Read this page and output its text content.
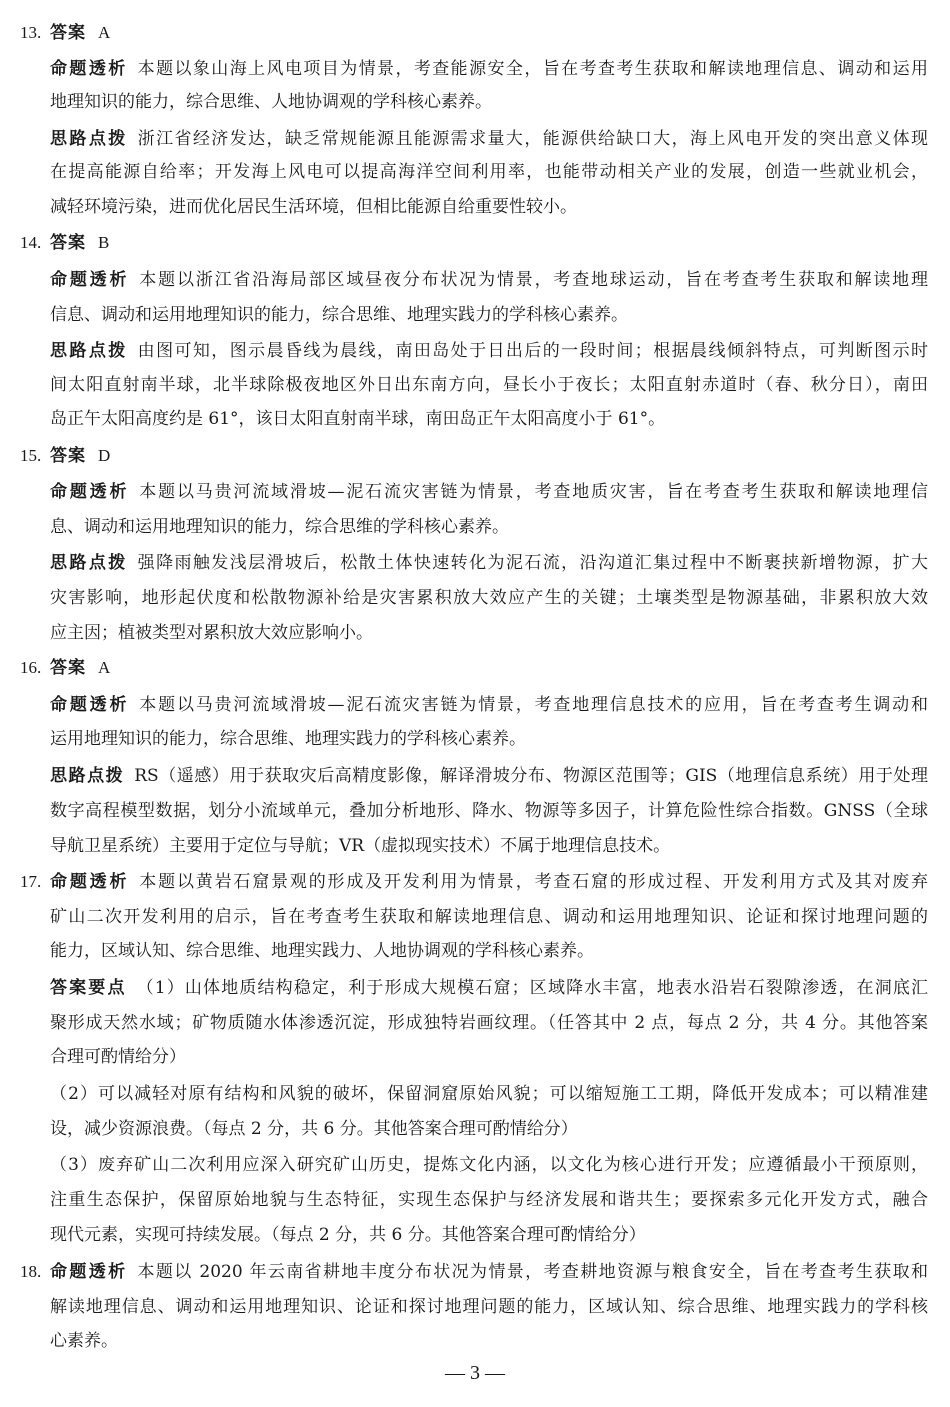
13. 答案 A
命题透析 本题以象山海上风电项目为情景，考查能源安全，旨在考查考生获取和解读地理信息、调动和运用
地理知识的能力，综合思维、人地协调观的学科核心素养。
思路点拨 浙江省经济发达，缺乏常规能源且能源需求量大，能源供给缺口大，海上风电开发的突出意义体现
在提高能源自给率；开发海上风电可以提高海洋空间利用率，也能带动相关产业的发展，创造一些就业机会，
减轻环境污染，进而优化居民生活环境，但相比能源自给重要性较小。
14. 答案 B
命题透析 本题以浙江省沿海局部区域昼夜分布状况为情景，考查地球运动，旨在考查考生获取和解读地理
信息、调动和运用地理知识的能力，综合思维、地理实践力的学科核心素养。
思路点拨 由图可知，图示晨昏线为晨线，南田岛处于日出后的一段时间；根据晨线倾斜特点，可判断图示时
间太阳直射南半球，北半球除极夜地区外日出东南方向，昼长小于夜长；太阳直射赤道时（春、秋分日），南田
岛正午太阳高度约是 61°，该日太阳直射南半球，南田岛正午太阳高度小于 61°。
15. 答案 D
命题透析 本题以马贵河流域滑坡—泥石流灾害链为情景，考查地质灾害，旨在考查考生获取和解读地理信
息、调动和运用地理知识的能力，综合思维的学科核心素养。
思路点拨 强降雨触发浅层滑坡后，松散土体快速转化为泥石流，沿沟道汇集过程中不断裹挟新增物源，扩大
灾害影响，地形起伏度和松散物源补给是灾害累积放大效应产生的关键；土壤类型是物源基础，非累积放大效
应主因；植被类型对累积放大效应影响小。
16. 答案 A
命题透析 本题以马贵河流域滑坡—泥石流灾害链为情景，考查地理信息技术的应用，旨在考查考生调动和
运用地理知识的能力，综合思维、地理实践力的学科核心素养。
思路点拨 RS（遥感）用于获取灾后高精度影像，解译滑坡分布、物源区范围等；GIS（地理信息系统）用于处理
数字高程模型数据，划分小流域单元，叠加分析地形、降水、物源等多因子，计算危险性综合指数。GNSS（全球
导航卫星系统）主要用于定位与导航；VR（虚拟现实技术）不属于地理信息技术。
17. 命题透析 本题以黄岩石窟景观的形成及开发利用为情景，考查石窟的形成过程、开发利用方式及其对废弃
矿山二次开发利用的启示，旨在考查考生获取和解读地理信息、调动和运用地理知识、论证和探讨地理问题的
能力，区域认知、综合思维、地理实践力、人地协调观的学科核心素养。
答案要点 （1）山体地质结构稳定，利于形成大规模石窟；区域降水丰富，地表水沿岩石裂隙渗透，在洞底汇
聚形成天然水域；矿物质随水体渗透沉淀，形成独特岩画纹理。（任答其中 2 点，每点 2 分，共 4 分。其他答案
合理可酌情给分）
（2）可以减轻对原有结构和风貌的破坏，保留洞窟原始风貌；可以缩短施工工期，降低开发成本；可以精准建
设，减少资源浪费。（每点 2 分，共 6 分。其他答案合理可酌情给分）
（3）废弃矿山二次利用应深入研究矿山历史，提炼文化内涵，以文化为核心进行开发；应遵循最小干预原则，
注重生态保护，保留原始地貌与生态特征，实现生态保护与经济发展和谐共生；要探索多元化开发方式，融合
现代元素，实现可持续发展。（每点 2 分，共 6 分。其他答案合理可酌情给分）
18. 命题透析 本题以 2020 年云南省耕地丰度分布状况为情景，考查耕地资源与粮食安全，旨在考查考生获取和
解读地理信息、调动和运用地理知识、论证和探讨地理问题的能力，区域认知、综合思维、地理实践力的学科核
心素养。
— 3 —
